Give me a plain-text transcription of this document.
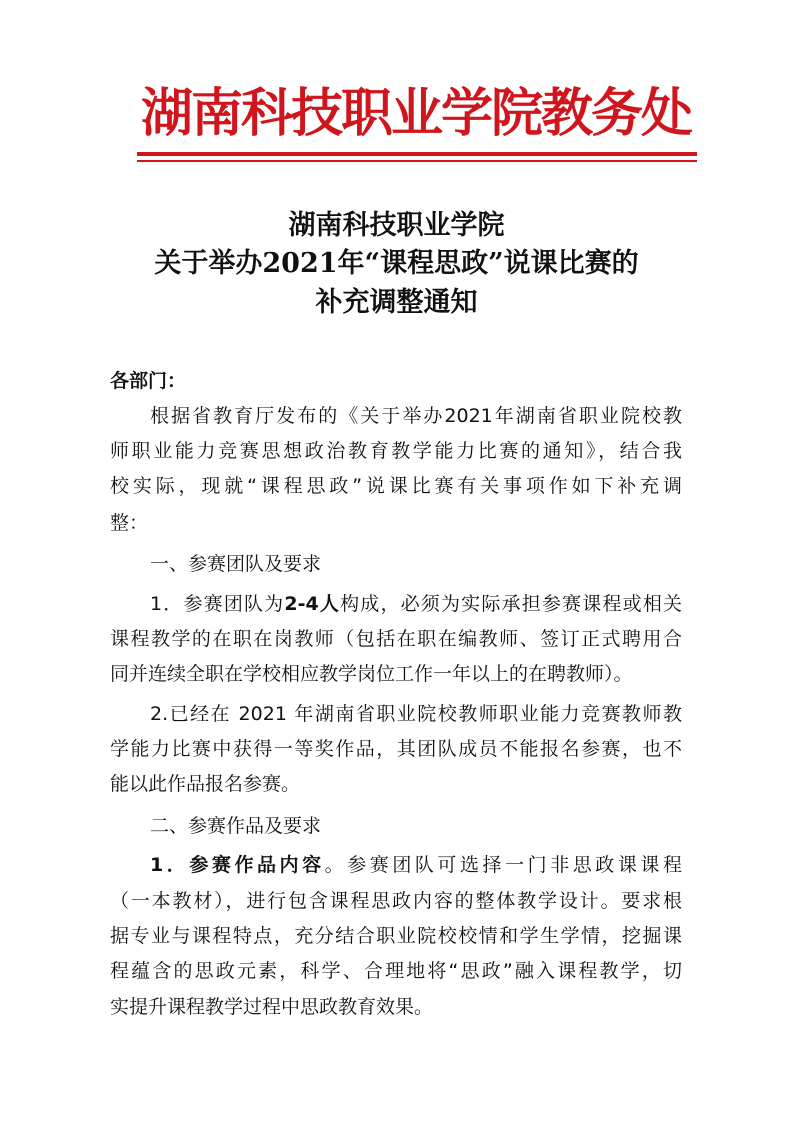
湖南科技职业学院教务处
湖南科技职业学院
关于举办2021年“课程思政”说课比赛的
补充调整通知
各部门：
根据省教育厅发布的《关于举办2021年湖南省职业院校教
师职业能力竞赛思想政治教育教学能力比赛的通知》，结合我
校实际，现就“课程思政”说课比赛有关事项作如下补充调
整：
一、参赛团队及要求
1．参赛团队为2-4人构成，必须为实际承担参赛课程或相关
课程教学的在职在岗教师（包括在职在编教师、签订正式聘用合
同并连续全职在学校相应教学岗位工作一年以上的在聘教师）。
2.已经在 2021 年湖南省职业院校教师职业能力竞赛教师教
学能力比赛中获得一等奖作品，其团队成员不能报名参赛，也不
能以此作品报名参赛。
二、参赛作品及要求
1．参赛作品内容。参赛团队可选择一门非思政课课程
（一本教材），进行包含课程思政内容的整体教学设计。要求根
据专业与课程特点，充分结合职业院校校情和学生学情，挖掘课
程蕴含的思政元素，科学、合理地将“思政”融入课程教学，切
实提升课程教学过程中思政教育效果。
